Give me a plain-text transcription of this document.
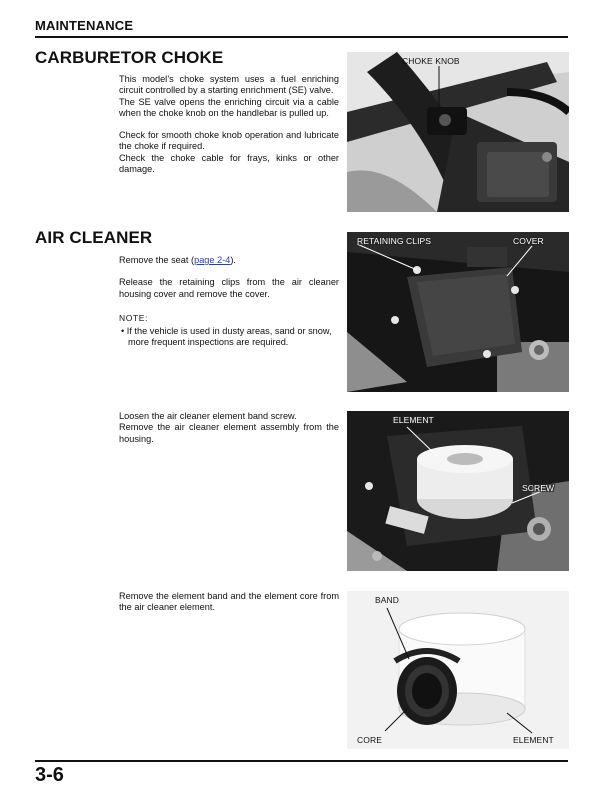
MAINTENANCE
CARBURETOR CHOKE

This model’s choke system uses a fuel enriching circuit controlled by a starting enrichment (SE) valve.

The SE valve opens the enriching circuit via a cable when the choke knob on the handlebar is pulled up.

Check for smooth choke knob operation and lubricate the choke if required.

Check the choke cable for frays, kinks or other damage.

CHOKE KNOB
AIR CLEANER

Remove the seat (page 2-4).

Release the retaining clips from the air cleaner housing cover and remove the cover.

NOTE:
• If the vehicle is used in dusty areas, sand or snow, more frequent inspections are required.
RETAINING CLIPS	COVER

Loosen the air cleaner element band screw.

Remove the air cleaner element assembly from the housing.

ELEMENT
SCREW

Remove the element band and the element core from the air cleaner element.

BAND
CORE	ELEMENT
3-6
